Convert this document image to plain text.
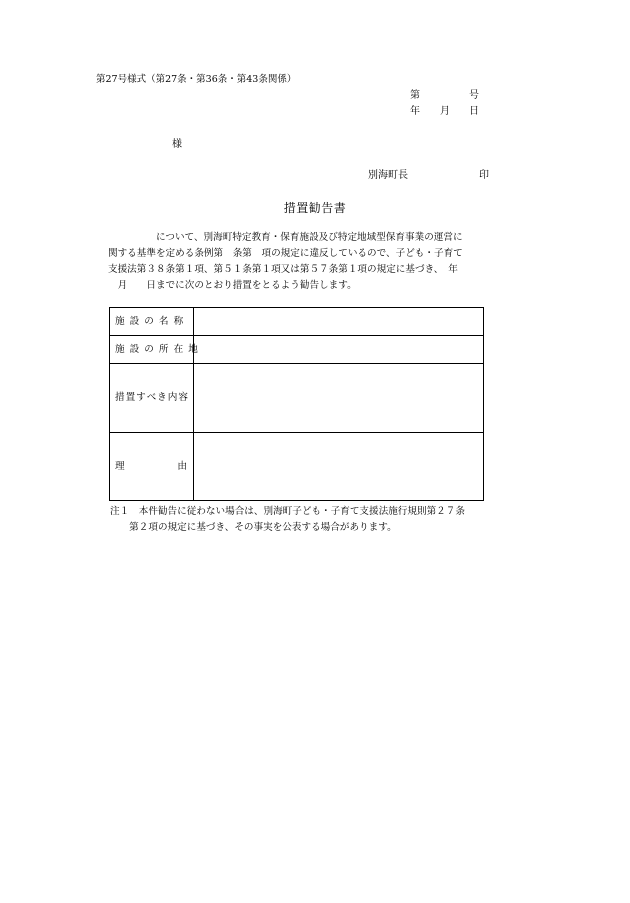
第27号様式（第27条・第36条・第43条関係）
第	号
年 月 日
様
別海町長	印
措置勧告書
　　　　　について、別海町特定教育・保育施設及び特定地域型保育事業の運営に
関する基準を定める条例第　条第　項の規定に違反しているので、子ども・子育て
支援法第３８条第１項、第５１条第１項又は第５７条第１項の規定に基づき、　年
　月　　日までに次のとおり措置をとるよう勧告します。
施 設 の 名 称	
施 設 の 所 在 地	
措置すべき内容	

理 由	

注１　本件勧告に従わない場合は、別海町子ども・子育て支援法施行規則第２７条
　　第２項の規定に基づき、その事実を公表する場合があります。
